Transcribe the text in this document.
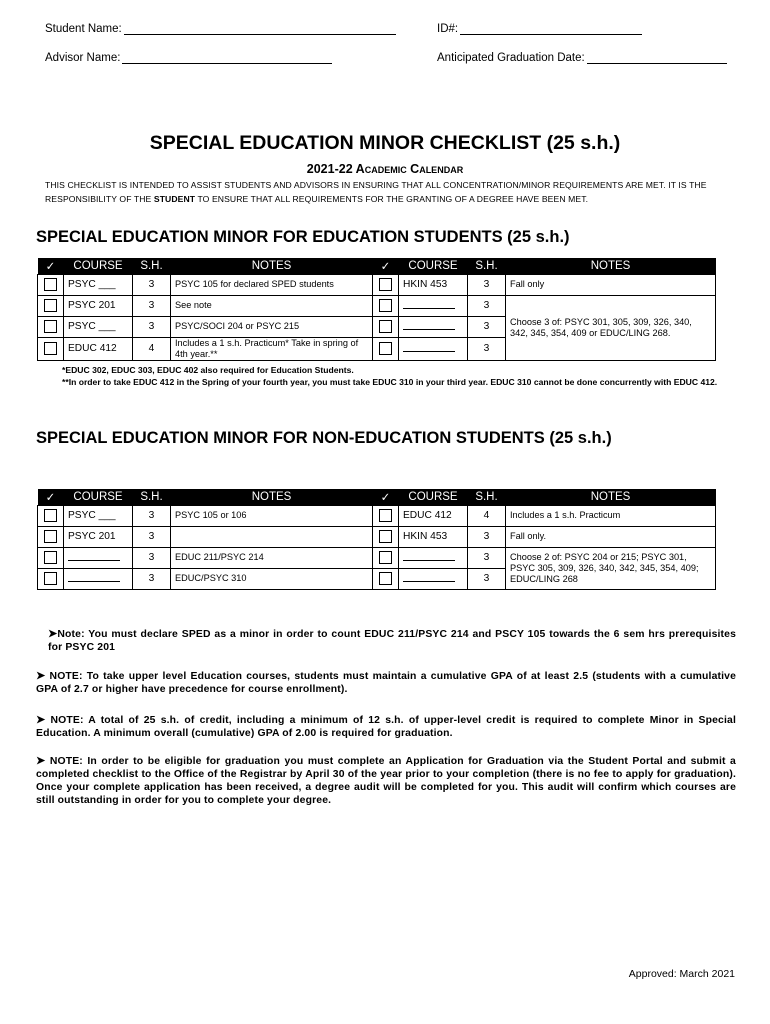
Student Name:	ID#:
Advisor Name:	Anticipated Graduation Date:
SPECIAL EDUCATION MINOR CHECKLIST (25 s.h.)
2021-22 Academic Calendar
THIS CHECKLIST IS INTENDED TO ASSIST STUDENTS AND ADVISORS IN ENSURING THAT ALL CONCENTRATION/MINOR REQUIREMENTS ARE MET. IT IS THE RESPONSIBILITY OF THE STUDENT TO ENSURE THAT ALL REQUIREMENTS FOR THE GRANTING OF A DEGREE HAVE BEEN MET.
SPECIAL EDUCATION MINOR FOR EDUCATION STUDENTS (25 s.h.)
✓	COURSE	S.H.	NOTES	✓	COURSE	S.H.	NOTES
	PSYC ___	3	PSYC 105 for declared SPED students		HKIN 453	3	Fall only
	PSYC 201	3	See note			3	Choose 3 of: PSYC 301, 305, 309, 326, 340, 342, 345, 354, 409 or EDUC/LING 268.
	PSYC ___	3	PSYC/SOCI 204 or PSYC 215			3	
	EDUC 412	4	Includes a 1 s.h. Practicum* Take in spring of 4th year.**			3	
*EDUC 302, EDUC 303, EDUC 402 also required for Education Students.
**In order to take EDUC 412 in the Spring of your fourth year, you must take EDUC 310 in your third year. EDUC 310 cannot be done concurrently with EDUC 412.
SPECIAL EDUCATION MINOR FOR NON-EDUCATION STUDENTS (25 s.h.)
✓	COURSE	S.H.	NOTES	✓	COURSE	S.H.	NOTES
	PSYC ___	3	PSYC 105 or 106		EDUC 412	4	Includes a 1 s.h. Practicum
	PSYC 201	3			HKIN 453	3	Fall only.
		3	EDUC 211/PSYC 214			3	Choose 2 of: PSYC 204 or 215; PSYC 301, PSYC 305, 309, 326, 340, 342, 345, 354, 409; EDUC/LING 268
		3	EDUC/PSYC 310			3	
➤Note: You must declare SPED as a minor in order to count EDUC 211/PSYC 214 and PSCY 105 towards the 6 sem hrs prerequisites for PSYC 201
➤ NOTE: To take upper level Education courses, students must maintain a cumulative GPA of at least 2.5 (students with a cumulative GPA of 2.7 or higher have precedence for course enrollment).
➤ NOTE: A total of 25 s.h. of credit, including a minimum of 12 s.h. of upper-level credit is required to complete Minor in Special Education. A minimum overall (cumulative) GPA of 2.00 is required for graduation.
➤ NOTE: In order to be eligible for graduation you must complete an Application for Graduation via the Student Portal and submit a completed checklist to the Office of the Registrar by April 30 of the year prior to your completion (there is no fee to apply for graduation). Once your complete application has been received, a degree audit will be completed for you. This audit will confirm which courses are still outstanding in order for you to complete your degree.
Approved: March 2021
